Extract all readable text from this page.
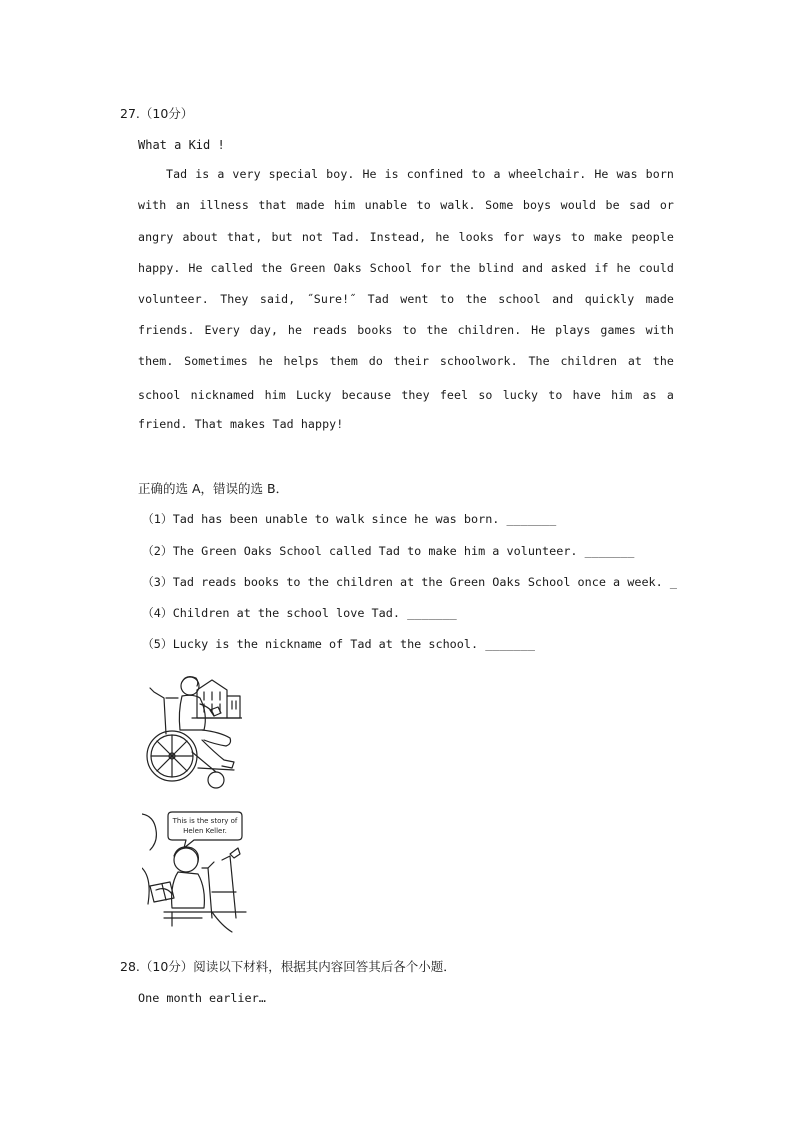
27.（10分）
What a Kid !
Tad is a very special boy. He is confined to a wheelchair. He was born
with an illness that made him unable to walk. Some boys would be sad or
angry about that, but not Tad. Instead, he looks for ways to make people
happy. He called the Green Oaks School for the blind and asked if he could
volunteer. They said, ˝Sure!˝ Tad went to the school and quickly made
friends. Every day, he reads books to the children. He plays games with
them. Sometimes he helps them do their schoolwork. The children at the
school nicknamed him Lucky because they feel so lucky to have him as a
friend. That makes Tad happy!
正确的选 A，错误的选 B．
（1）Tad has been unable to walk since he was born. _______
（2）The Green Oaks School called Tad to make him a volunteer. _______
（3）Tad reads books to the children at the Green Oaks School once a week. _
（4）Children at the school love Tad. _______
（5）Lucky is the nickname of Tad at the school. _______
This is the story of
Helen Keller.
28.（10分）阅读以下材料，根据其内容回答其后各个小题．
One month earlier…
